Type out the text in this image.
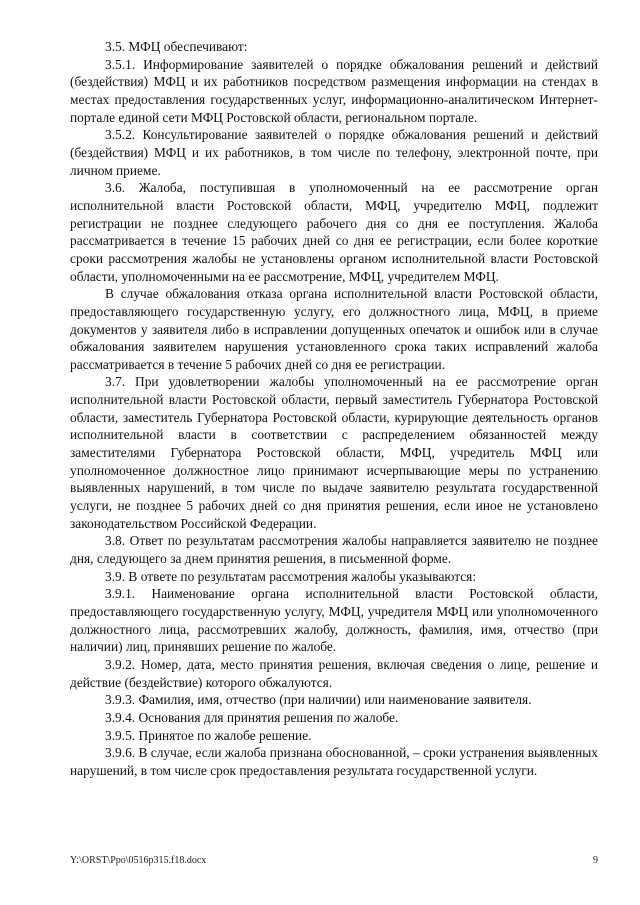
3.5. МФЦ обеспечивают:

3.5.1. Информирование заявителей о порядке обжалования решений и действий (бездействия) МФЦ и их работников посредством размещения информации на стендах в местах предоставления государственных услуг, информационно-аналитическом Интернет-портале единой сети МФЦ Ростовской области, региональном портале.

3.5.2. Консультирование заявителей о порядке обжалования решений и действий (бездействия) МФЦ и их работников, в том числе по телефону, электронной почте, при личном приеме.

3.6. Жалоба, поступившая в уполномоченный на ее рассмотрение орган исполнительной власти Ростовской области, МФЦ, учредителю МФЦ, подлежит регистрации не позднее следующего рабочего дня со дня ее поступления. Жалоба рассматривается в течение 15 рабочих дней со дня ее регистрации, если более короткие сроки рассмотрения жалобы не установлены органом исполнительной власти Ростовской области, уполномоченными на ее рассмотрение, МФЦ, учредителем МФЦ.

В случае обжалования отказа органа исполнительной власти Ростовской области, предоставляющего государственную услугу, его должностного лица, МФЦ, в приеме документов у заявителя либо в исправлении допущенных опечаток и ошибок или в случае обжалования заявителем нарушения установленного срока таких исправлений жалоба рассматривается в течение 5 рабочих дней со дня ее регистрации.

3.7. При удовлетворении жалобы уполномоченный на ее рассмотрение орган исполнительной власти Ростовской области, первый заместитель Губернатора Ростовской области, заместитель Губернатора Ростовской области, курирующие деятельность органов исполнительной власти в соответствии с распределением обязанностей между заместителями Губернатора Ростовской области, МФЦ, учредитель МФЦ или уполномоченное должностное лицо принимают исчерпывающие меры по устранению выявленных нарушений, в том числе по выдаче заявителю результата государственной услуги, не позднее 5 рабочих дней со дня принятия решения, если иное не установлено законодательством Российской Федерации.

3.8. Ответ по результатам рассмотрения жалобы направляется заявителю не позднее дня, следующего за днем принятия решения, в письменной форме.

3.9. В ответе по результатам рассмотрения жалобы указываются:

3.9.1. Наименование органа исполнительной власти Ростовской области, предоставляющего государственную услугу, МФЦ, учредителя МФЦ или уполномоченного должностного лица, рассмотревших жалобу, должность, фамилия, имя, отчество (при наличии) лиц, принявших решение по жалобе.

3.9.2. Номер, дата, место принятия решения, включая сведения о лице, решение и действие (бездействие) которого обжалуются.

3.9.3. Фамилия, имя, отчество (при наличии) или наименование заявителя.

3.9.4. Основания для принятия решения по жалобе.

3.9.5. Принятое по жалобе решение.

3.9.6. В случае, если жалоба признана обоснованной, – сроки устранения выявленных нарушений, в том числе срок предоставления результата государственной услуги.

Y:\ORST\Ppo\0516p315.f18.docx	9
